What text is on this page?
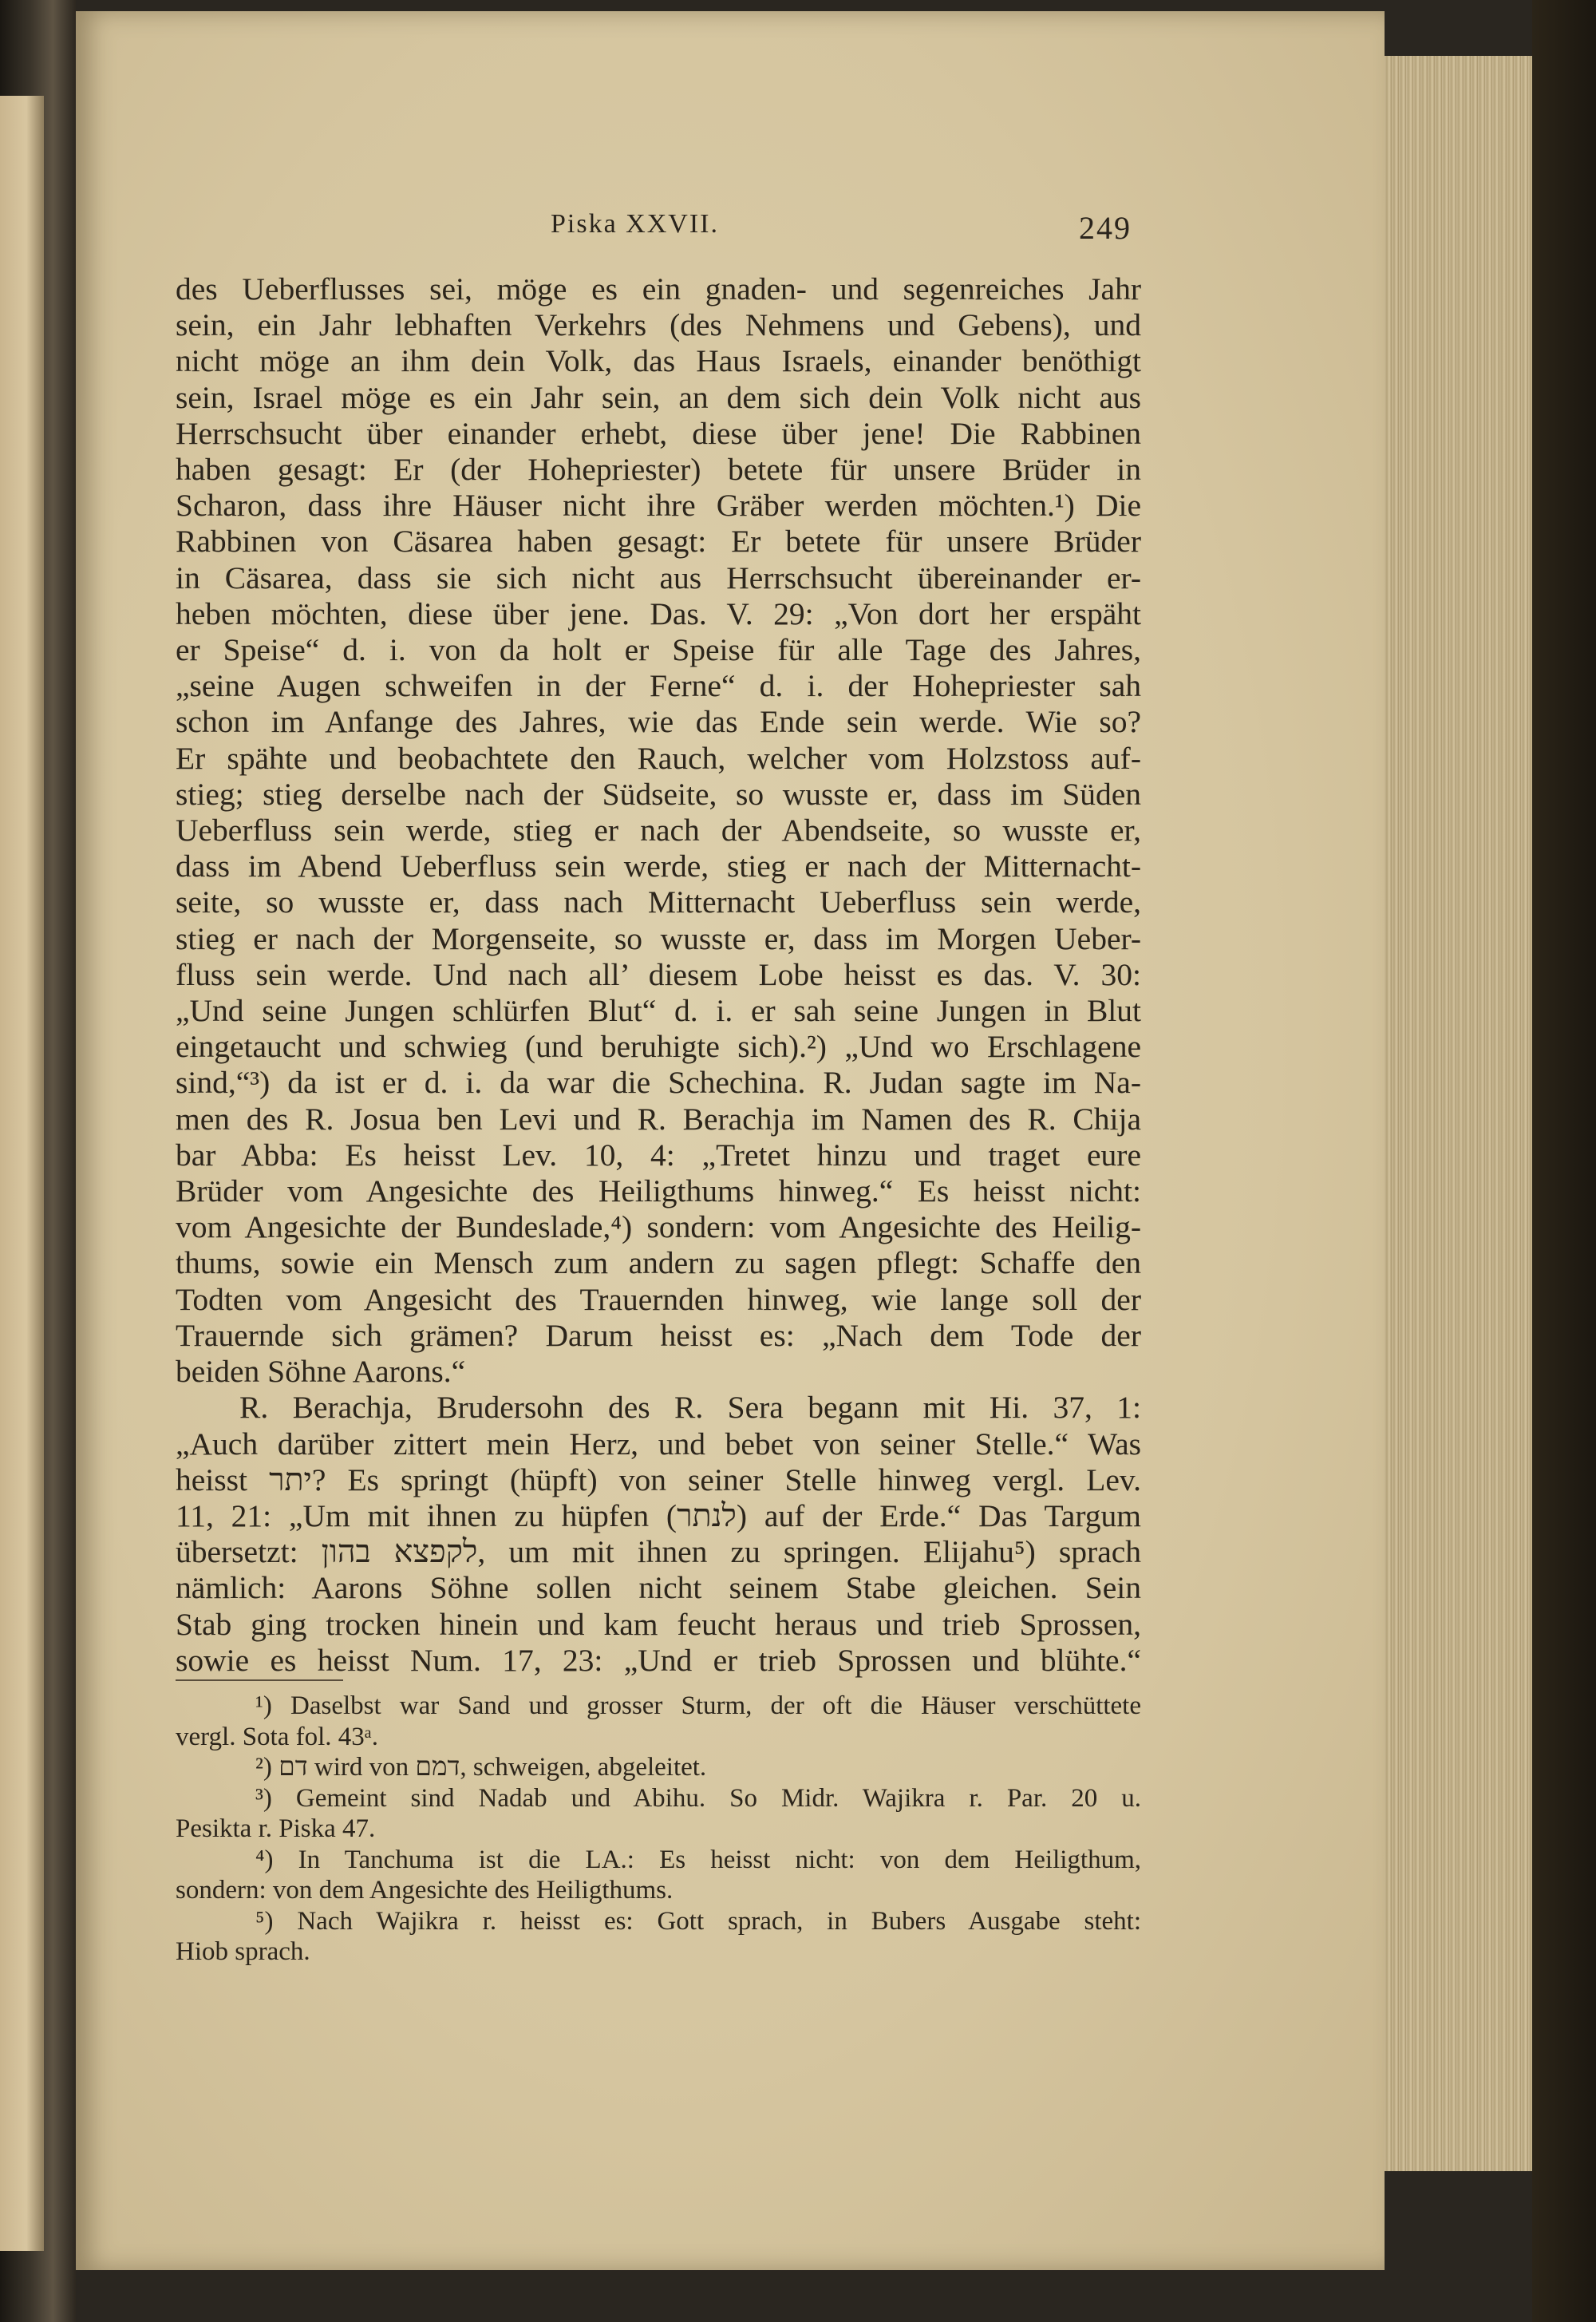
Piska XXVII.	249
des Ueberflusses sei, möge es ein gnaden- und segenreiches Jahr
sein, ein Jahr lebhaften Verkehrs (des Nehmens und Gebens), und
nicht möge an ihm dein Volk, das Haus Israels, einander benöthigt
sein, Israel möge es ein Jahr sein, an dem sich dein Volk nicht aus
Herrschsucht über einander erhebt, diese über jene! Die Rabbinen
haben gesagt: Er (der Hohepriester) betete für unsere Brüder in
Scharon, dass ihre Häuser nicht ihre Gräber werden möchten.¹) Die
Rabbinen von Cäsarea haben gesagt: Er betete für unsere Brüder
in Cäsarea, dass sie sich nicht aus Herrschsucht übereinander er-
heben möchten, diese über jene. Das. V. 29: „Von dort her erspäht
er Speise“ d. i. von da holt er Speise für alle Tage des Jahres,
„seine Augen schweifen in der Ferne“ d. i. der Hohepriester sah
schon im Anfange des Jahres, wie das Ende sein werde. Wie so?
Er spähte und beobachtete den Rauch, welcher vom Holzstoss auf-
stieg; stieg derselbe nach der Südseite, so wusste er, dass im Süden
Ueberfluss sein werde, stieg er nach der Abendseite, so wusste er,
dass im Abend Ueberfluss sein werde, stieg er nach der Mitternacht-
seite, so wusste er, dass nach Mitternacht Ueberfluss sein werde,
stieg er nach der Morgenseite, so wusste er, dass im Morgen Ueber-
fluss sein werde. Und nach all’ diesem Lobe heisst es das. V. 30:
„Und seine Jungen schlürfen Blut“ d. i. er sah seine Jungen in Blut
eingetaucht und schwieg (und beruhigte sich).²) „Und wo Erschlagene
sind,“³) da ist er d. i. da war die Schechina. R. Judan sagte im Na-
men des R. Josua ben Levi und R. Berachja im Namen des R. Chija
bar Abba: Es heisst Lev. 10, 4: „Tretet hinzu und traget eure
Brüder vom Angesichte des Heiligthums hinweg.“ Es heisst nicht:
vom Angesichte der Bundeslade,⁴) sondern: vom Angesichte des Heilig-
thums, sowie ein Mensch zum andern zu sagen pflegt: Schaffe den
Todten vom Angesicht des Trauernden hinweg, wie lange soll der
Trauernde sich grämen? Darum heisst es: „Nach dem Tode der
beiden Söhne Aarons.“
R. Berachja, Brudersohn des R. Sera begann mit Hi. 37, 1:
„Auch darüber zittert mein Herz, und bebet von seiner Stelle.“ Was
heisst יתר? Es springt (hüpft) von seiner Stelle hinweg vergl. Lev.
11, 21: „Um mit ihnen zu hüpfen (לנתר) auf der Erde.“ Das Targum
übersetzt: לקפצא בהון, um mit ihnen zu springen. Elijahu⁵) sprach
nämlich: Aarons Söhne sollen nicht seinem Stabe gleichen. Sein
Stab ging trocken hinein und kam feucht heraus und trieb Sprossen,
sowie es heisst Num. 17, 23: „Und er trieb Sprossen und blühte.“
¹) Daselbst war Sand und grosser Sturm, der oft die Häuser verschüttete
vergl. Sota fol. 43ᵃ.
²) דם wird von דמם, schweigen, abgeleitet.
³) Gemeint sind Nadab und Abihu. So Midr. Wajikra r. Par. 20 u.
Pesikta r. Piska 47.
⁴) In Tanchuma ist die LA.: Es heisst nicht: von dem Heiligthum,
sondern: von dem Angesichte des Heiligthums.
⁵) Nach Wajikra r. heisst es: Gott sprach, in Bubers Ausgabe steht:
Hiob sprach.
